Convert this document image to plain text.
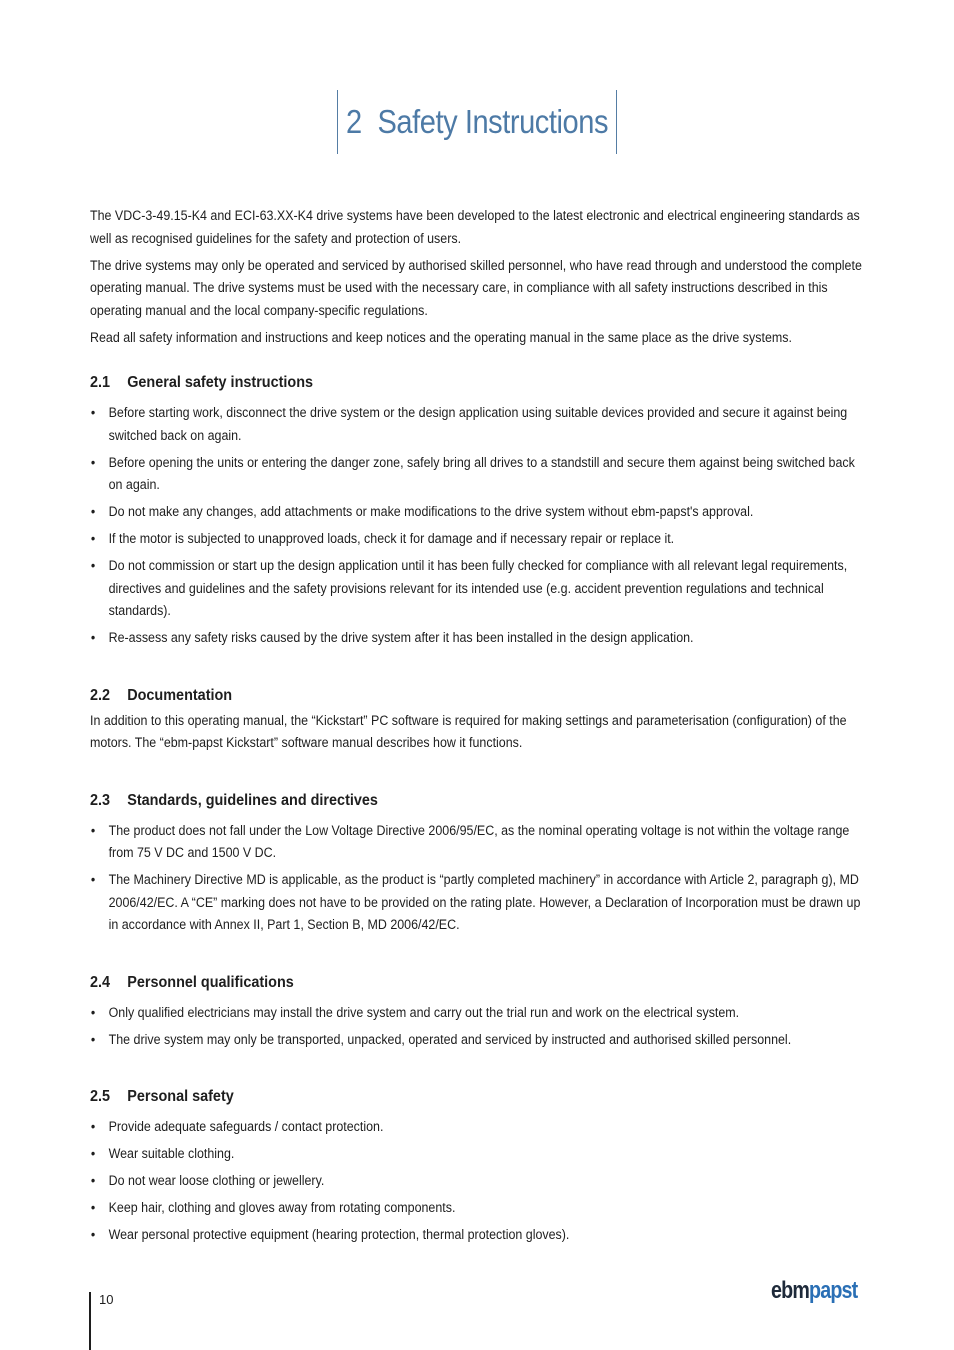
2 Safety Instructions

The VDC-3-49.15-K4 and ECI-63.XX-K4 drive systems have been developed to the latest electronic and electrical engineering standards as well as recognised guidelines for the safety and protection of users.

The drive systems may only be operated and serviced by authorised skilled personnel, who have read through and understood the complete operating manual. The drive systems must be used with the necessary care, in compliance with all safety instructions described in this operating manual and the local company-specific regulations.

Read all safety information and instructions and keep notices and the operating manual in the same place as the drive systems.

2.1 General safety instructions
• Before starting work, disconnect the drive system or the design application using suitable devices provided and secure it against being switched back on again.
• Before opening the units or entering the danger zone, safely bring all drives to a standstill and secure them against being switched back on again.
• Do not make any changes, add attachments or make modifications to the drive system without ebm-papst's approval.
• If the motor is subjected to unapproved loads, check it for damage and if necessary repair or replace it.
• Do not commission or start up the design application until it has been fully checked for compliance with all relevant legal requirements, directives and guidelines and the safety provisions relevant for its intended use (e.g. accident prevention regulations and technical standards).
• Re-assess any safety risks caused by the drive system after it has been installed in the design application.
2.2 Documentation

In addition to this operating manual, the “Kickstart” PC software is required for making settings and parameterisation (configuration) of the motors. The “ebm-papst Kickstart” software manual describes how it functions.

2.3 Standards, guidelines and directives
• The product does not fall under the Low Voltage Directive 2006/95/EC, as the nominal operating voltage is not within the voltage range from 75 V DC and 1500 V DC.
• The Machinery Directive MD is applicable, as the product is “partly completed machinery” in accordance with Article 2, paragraph g), MD 2006/42/EC. A “CE” marking does not have to be provided on the rating plate. However, a Declaration of Incorporation must be drawn up in accordance with Annex II, Part 1, Section B, MD 2006/42/EC.
2.4 Personnel qualifications
• Only qualified electricians may install the drive system and carry out the trial run and work on the electrical system.
• The drive system may only be transported, unpacked, operated and serviced by instructed and authorised skilled personnel.
2.5 Personal safety
• Provide adequate safeguards / contact protection.
• Wear suitable clothing.
• Do not wear loose clothing or jewellery.
• Keep hair, clothing and gloves away from rotating components.
• Wear personal protective equipment (hearing protection, thermal protection gloves).
10	ebmpapst
